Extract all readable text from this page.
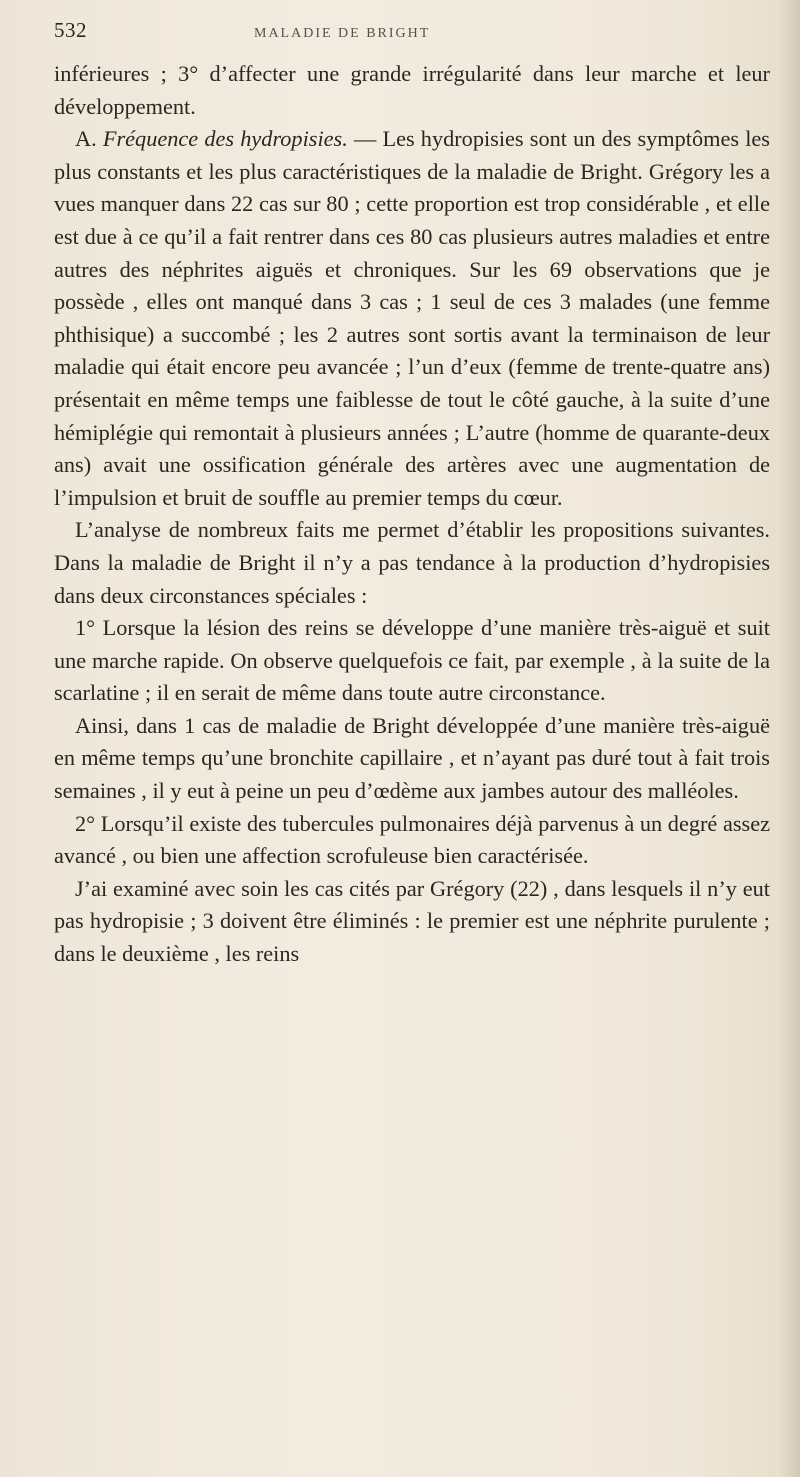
532	MALADIE DE BRIGHT

inférieures ; 3° d’affecter une grande irrégularité dans leur marche et leur développement.

A. Fréquence des hydropisies. — Les hydropisies sont un des symptômes les plus constants et les plus caractéristiques de la maladie de Bright. Grégory les a vues manquer dans 22 cas sur 80 ; cette proportion est trop considérable , et elle est due à ce qu’il a fait rentrer dans ces 80 cas plusieurs autres maladies et entre autres des néphrites aiguës et chroniques. Sur les 69 observations que je possède , elles ont manqué dans 3 cas ; 1 seul de ces 3 malades (une femme phthisique) a succombé ; les 2 autres sont sortis avant la terminaison de leur maladie qui était encore peu avancée ; l’un d’eux (femme de trente-quatre ans) présentait en même temps une faiblesse de tout le côté gauche, à la suite d’une hémiplégie qui remontait à plusieurs années ; L’autre (homme de quarante-deux ans) avait une ossification générale des artères avec une augmentation de l’impulsion et bruit de souffle au premier temps du cœur.

L’analyse de nombreux faits me permet d’établir les propositions suivantes. Dans la maladie de Bright il n’y a pas tendance à la production d’hydropisies dans deux circonstances spéciales :

1° Lorsque la lésion des reins se développe d’une manière très-aiguë et suit une marche rapide. On observe quelquefois ce fait, par exemple , à la suite de la scarlatine ; il en serait de même dans toute autre circonstance.

Ainsi, dans 1 cas de maladie de Bright développée d’une manière très-aiguë en même temps qu’une bronchite capillaire , et n’ayant pas duré tout à fait trois semaines , il y eut à peine un peu d’œdème aux jambes autour des malléoles.

2° Lorsqu’il existe des tubercules pulmonaires déjà parvenus à un degré assez avancé , ou bien une affection scrofuleuse bien caractérisée.

J’ai examiné avec soin les cas cités par Grégory (22) , dans lesquels il n’y eut pas hydropisie ; 3 doivent être éliminés : le premier est une néphrite purulente ; dans le deuxième , les reins
